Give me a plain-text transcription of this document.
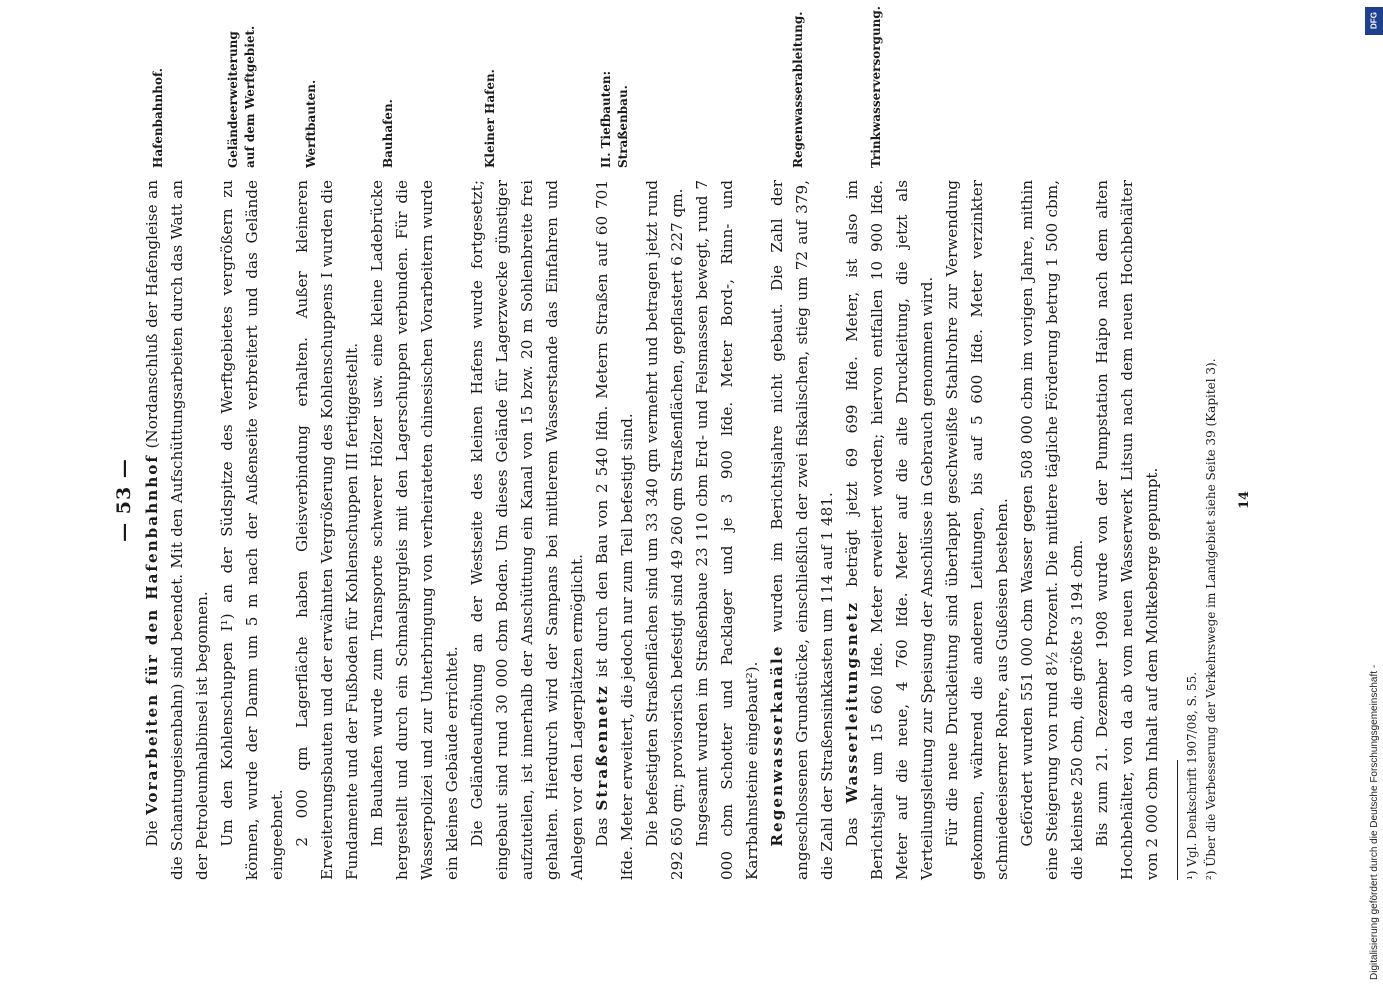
— 53 —

Die Vorarbeiten für den Hafenbahnhof (Nordanschluß der Hafengleise an die Schantungeisenbahn) sind beendet. Mit den Aufschüttungsarbeiten durch das Watt an der Petroleumhalbinsel ist begonnen. Um den Kohlenschuppen I¹) an der Südspitze des Werftgebietes vergrößern zu können, wurde der Damm um 5 m nach der Außenseite verbreitert und das Gelände eingeebnet. 2 000 qm Lagerfläche haben Gleisverbindung erhalten. Außer kleineren Erweiterungsbauten und der erwähnten Vergrößerung des Kohlenschuppens I wurden die Fundamente und der Fußboden für Kohlenschuppen III fertiggestellt. Im Bauhafen wurde zum Transporte schwerer Hölzer usw. eine kleine Ladebrücke hergestellt und durch ein Schmalspurgleis mit den Lagerschuppen verbunden. Für die Wasserpolizei und zur Unterbringung von verheirateten chinesischen Vorarbeitern wurde ein kleines Gebäude errichtet. Die Geländeaufhöhung an der Westseite des kleinen Hafens wurde fortgesetzt; eingebaut sind rund 30 000 cbm Boden. Um dieses Gelände für Lagerzwecke günstiger aufzuteilen, ist innerhalb der Anschüttung ein Kanal von 15 bzw. 20 m Sohlenbreite frei gehalten. Hierdurch wird der Sampans bei mittlerem Wasserstande das Einfahren und Anlegen vor den Lagerplätzen ermöglicht. Das Straßennetz ist durch den Bau von 2 540 lfdn. Metern Straßen auf 60 701 lfde. Meter erweitert, die jedoch nur zum Teil befestigt sind. Die befestigten Straßenflächen sind um 33 340 qm vermehrt und betragen jetzt rund 292 650 qm; provisorisch befestigt sind 49 260 qm Straßenflächen, gepflastert 6 227 qm. Insgesamt wurden im Straßenbaue 23 110 cbm Erd- und Felsmassen bewegt, rund 7 000 cbm Schotter und Packlager und je 3 900 lfde. Meter Bord-, Rinn- und Karrbahnsteine eingebaut²). Regenwasserkanäle wurden im Berichtsjahre nicht gebaut. Die Zahl der angeschlossenen Grundstücke, einschließlich der zwei fiskalischen, stieg um 72 auf 379, die Zahl der Straßensinkkasten um 114 auf 1 481. Das Wasserleitungsnetz beträgt jetzt 69 699 lfde. Meter, ist also im Berichtsjahr um 15 660 lfde. Meter erweitert worden; hiervon entfallen 10 900 lfde. Meter auf die neue, 4 760 lfde. Meter auf die alte Druckleitung, die jetzt als Verteilungsleitung zur Speisung der Anschlüsse in Gebrauch genommen wird. Für die neue Druckleitung sind überlappt geschweißte Stahlrohre zur Verwendung gekommen, während die anderen Leitungen, bis auf 5 600 lfde. Meter verzinkter schmiedeeiserner Rohre, aus Gußeisen bestehen. Gefördert wurden 551 000 cbm Wasser gegen 508 000 cbm im vorigen Jahre, mithin eine Steigerung von rund 8½ Prozent. Die mittlere tägliche Förderung betrug 1 500 cbm, die kleinste 250 cbm, die größte 3 194 cbm. Bis zum 21. Dezember 1908 wurde von der Pumpstation Haipo nach dem alten Hochbehälter, von da ab vom neuen Wasserwerk Litsun nach dem neuen Hochbehälter von 2 000 cbm Inhalt auf dem Moltkeberge gepumpt.	¹) Vgl. Denkschrift 1907/08, S. 55. ²) Über die Verbesserung der Verkehrswege im Landgebiet siehe Seite 39 (Kapitel 3).
Hafenbahnhof.	Geländeerweiterung auf dem Werftgebiet.	Werftbauten.	Bauhafen.	Kleiner Hafen.	II. Tiefbauten: Straßenbau.	Regenwasserableitung.	Trinkwasserversorgung.
14
DFG
Digitalisierung gefördert durch die Deutsche Forschungsgemeinschaft -
